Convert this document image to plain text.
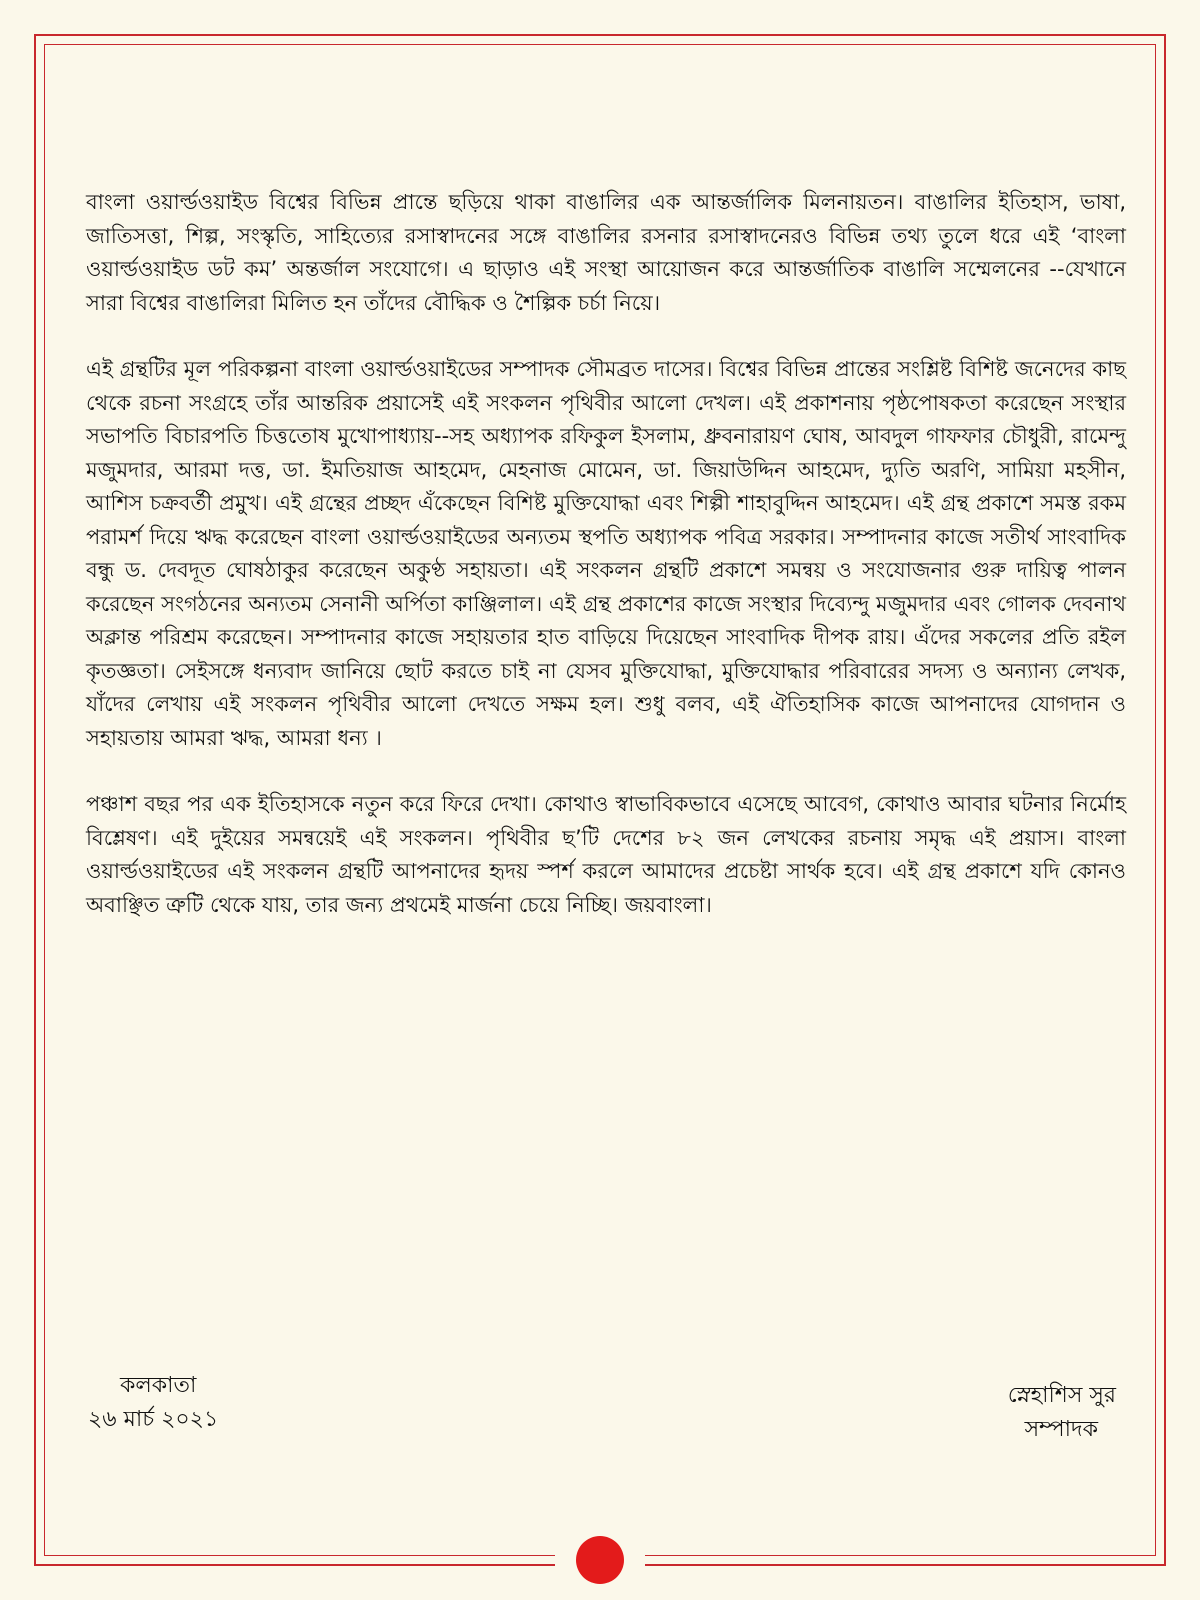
বাংলা ওয়ার্ল্ডওয়াইড বিশ্বের বিভিন্ন প্রান্তে ছড়িয়ে থাকা বাঙালির এক আন্তর্জালিক মিলনায়তন। বাঙালির ইতিহাস, ভাষা, জাতিসত্তা, শিল্প, সংস্কৃতি, সাহিত্যের রসাস্বাদনের সঙ্গে বাঙালির রসনার রসাস্বাদনেরও বিভিন্ন তথ্য তুলে ধরে এই ‘বাংলা ওয়ার্ল্ডওয়াইড ডট কম’ অন্তর্জাল সংযোগে। এ ছাড়াও এই সংস্থা আয়োজন করে আন্তর্জাতিক বাঙালি সম্মেলনের --যেখানে সারা বিশ্বের বাঙালিরা মিলিত হন তাঁদের বৌদ্ধিক ও শৈল্পিক চর্চা নিয়ে।

এই গ্রন্থটির মূল পরিকল্পনা বাংলা ওয়ার্ল্ডওয়াইডের সম্পাদক সৌমব্রত দাসের। বিশ্বের বিভিন্ন প্রান্তের সংশ্লিষ্ট বিশিষ্ট জনেদের কাছ থেকে রচনা সংগ্রহে তাঁর আন্তরিক প্রয়াসেই এই সংকলন পৃথিবীর আলো দেখল। এই প্রকাশনায় পৃষ্ঠপোষকতা করেছেন সংস্থার সভাপতি বিচারপতি চিত্ততোষ মুখোপাধ্যায়--সহ অধ্যাপক রফিকুল ইসলাম, ধ্রুবনারায়ণ ঘোষ, আবদুল গাফফার চৌধুরী, রামেন্দু মজুমদার, আরমা দত্ত, ডা. ইমতিয়াজ আহমেদ, মেহনাজ মোমেন, ডা. জিয়াউদ্দিন আহমেদ, দ্যুতি অরণি, সামিয়া মহসীন, আশিস চক্রবর্তী প্রমুখ। এই গ্রন্থের প্রচ্ছদ এঁকেছেন বিশিষ্ট মুক্তিযোদ্ধা এবং শিল্পী শাহাবুদ্দিন আহমেদ। এই গ্রন্থ প্রকাশে সমস্ত রকম পরামর্শ দিয়ে ঋদ্ধ করেছেন বাংলা ওয়ার্ল্ডওয়াইডের অন্যতম স্থপতি অধ্যাপক পবিত্র সরকার। সম্পাদনার কাজে সতীর্থ সাংবাদিক বন্ধু ড. দেবদূত ঘোষঠাকুর করেছেন অকুণ্ঠ সহায়তা। এই সংকলন গ্রন্থটি প্রকাশে সমন্বয় ও সংযোজনার গুরু দায়িত্ব পালন করেছেন সংগঠনের অন্যতম সেনানী অর্পিতা কাঞ্জিলাল। এই গ্রন্থ প্রকাশের কাজে সংস্থার দিব্যেন্দু মজুমদার এবং গোলক দেবনাথ অক্লান্ত পরিশ্রম করেছেন। সম্পাদনার কাজে সহায়তার হাত বাড়িয়ে দিয়েছেন সাংবাদিক দীপক রায়। এঁদের সকলের প্রতি রইল কৃতজ্ঞতা। সেইসঙ্গে ধন্যবাদ জানিয়ে ছোট করতে চাই না যেসব মুক্তিযোদ্ধা, মুক্তিযোদ্ধার পরিবারের সদস্য ও অন্যান্য লেখক, যাঁদের লেখায় এই সংকলন পৃথিবীর আলো দেখতে সক্ষম হল। শুধু বলব, এই ঐতিহাসিক কাজে আপনাদের যোগদান ও সহায়তায় আমরা ঋদ্ধ, আমরা ধন্য ।

পঞ্চাশ বছর পর এক ইতিহাসকে নতুন করে ফিরে দেখা। কোথাও স্বাভাবিকভাবে এসেছে আবেগ, কোথাও আবার ঘটনার নির্মোহ বিশ্লেষণ। এই দুইয়ের সমন্বয়েই এই সংকলন। পৃথিবীর ছ’টি দেশের ৮২ জন লেখকের রচনায় সমৃদ্ধ এই প্রয়াস। বাংলা ওয়ার্ল্ডওয়াইডের এই সংকলন গ্রন্থটি আপনাদের হৃদয় স্পর্শ করলে আমাদের প্রচেষ্টা সার্থক হবে। এই গ্রন্থ প্রকাশে যদি কোনও অবাঞ্ছিত ত্রুটি থেকে যায়, তার জন্য প্রথমেই মার্জনা চেয়ে নিচ্ছি। জয়বাংলা।

কলকাতা
২৬ মার্চ ২০২১
স্নেহাশিস সুর
সম্পাদক
